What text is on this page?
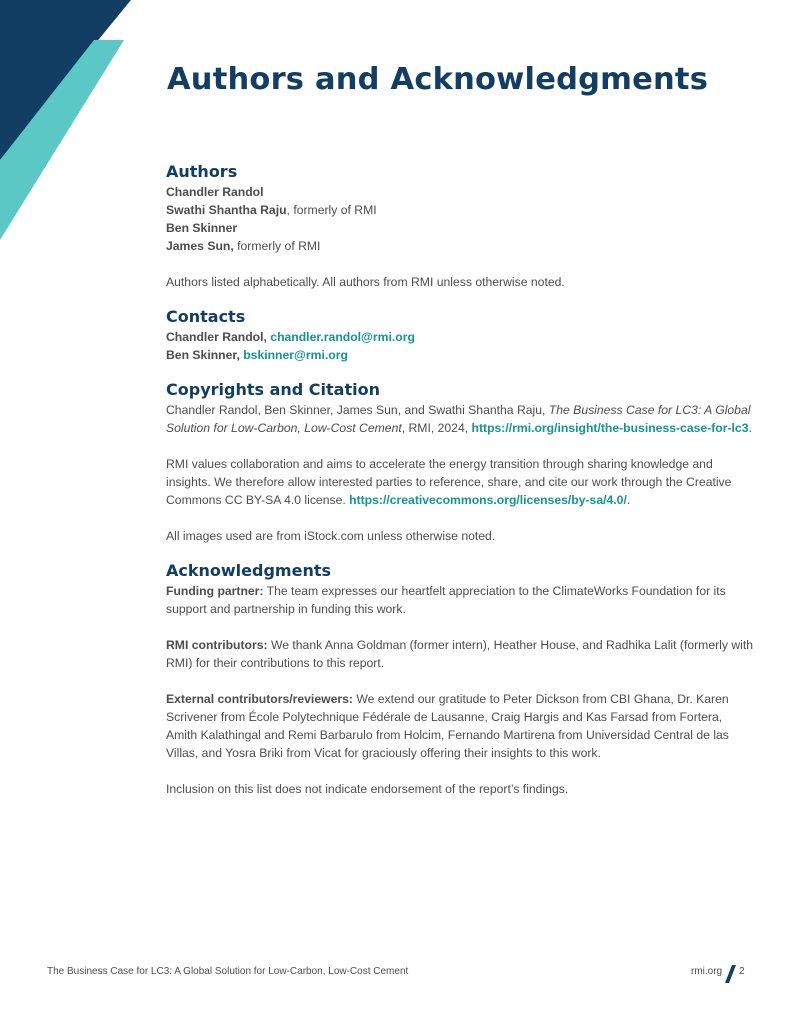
Authors and Acknowledgments
Authors

Chandler Randol

Swathi Shantha Raju, formerly of RMI

Ben Skinner

James Sun, formerly of RMI

Authors listed alphabetically. All authors from RMI unless otherwise noted.

Contacts

Chandler Randol, chandler.randol@rmi.org

Ben Skinner, bskinner@rmi.org

Copyrights and Citation

Chandler Randol, Ben Skinner, James Sun, and Swathi Shantha Raju, The Business Case for LC3: A Global Solution for Low-Carbon, Low-Cost Cement, RMI, 2024, https://rmi.org/insight/the-business-case-for-lc3.

RMI values collaboration and aims to accelerate the energy transition through sharing knowledge and insights. We therefore allow interested parties to reference, share, and cite our work through the Creative Commons CC BY-SA 4.0 license. https://creativecommons.org/licenses/by-sa/4.0/.

All images used are from iStock.com unless otherwise noted.

Acknowledgments

Funding partner: The team expresses our heartfelt appreciation to the ClimateWorks Foundation for its support and partnership in funding this work.

RMI contributors: We thank Anna Goldman (former intern), Heather House, and Radhika Lalit (formerly with RMI) for their contributions to this report.

External contributors/reviewers: We extend our gratitude to Peter Dickson from CBI Ghana, Dr. Karen Scrivener from École Polytechnique Fédérale de Lausanne, Craig Hargis and Kas Farsad from Fortera, Amith Kalathingal and Remi Barbarulo from Holcim, Fernando Martirena from Universidad Central de las Villas, and Yosra Briki from Vicat for graciously offering their insights to this work.

Inclusion on this list does not indicate endorsement of the report’s findings.

The Business Case for LC3: A Global Solution for Low-Carbon, Low-Cost Cement	rmi.org 2
